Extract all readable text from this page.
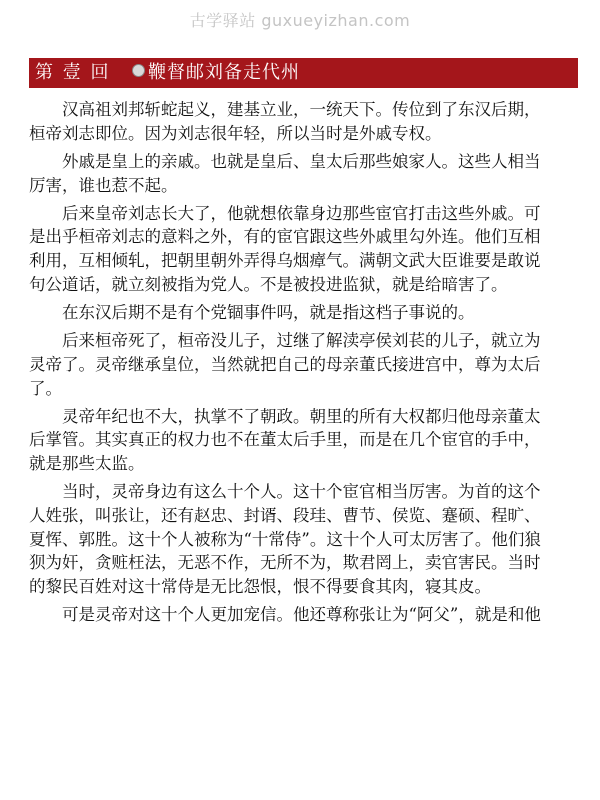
古学驿站 guxueyizhan.com
第 壹 回 鞭督邮刘备走代州
　　汉高祖刘邦斩蛇起义，建基立业，一统天下。传位到了东汉后期，
桓帝刘志即位。因为刘志很年轻，所以当时是外戚专权。
　　外戚是皇上的亲戚。也就是皇后、皇太后那些娘家人。这些人相当
厉害，谁也惹不起。
　　后来皇帝刘志长大了，他就想依靠身边那些宦官打击这些外戚。可
是出乎桓帝刘志的意料之外，有的宦官跟这些外戚里勾外连。他们互相
利用，互相倾轧，把朝里朝外弄得乌烟瘴气。满朝文武大臣谁要是敢说
句公道话，就立刻被指为党人。不是被投进监狱，就是给暗害了。
　　在东汉后期不是有个党锢事件吗，就是指这档子事说的。
　　后来桓帝死了，桓帝没儿子，过继了解渎亭侯刘苌的儿子，就立为
灵帝了。灵帝继承皇位，当然就把自己的母亲董氏接进宫中，尊为太后
了。
　　灵帝年纪也不大，执掌不了朝政。朝里的所有大权都归他母亲董太
后掌管。其实真正的权力也不在董太后手里，而是在几个宦官的手中，
就是那些太监。
　　当时，灵帝身边有这么十个人。这十个宦官相当厉害。为首的这个
人姓张，叫张让，还有赵忠、封谞、段珪、曹节、侯览、蹇硕、程旷、
夏恽、郭胜。这十个人被称为“十常侍”。这十个人可太厉害了。他们狼
狈为奸，贪赃枉法，无恶不作，无所不为，欺君罔上，卖官害民。当时
的黎民百姓对这十常侍是无比怨恨，恨不得要食其肉，寝其皮。
　　可是灵帝对这十个人更加宠信。他还尊称张让为“阿父”，就是和他
